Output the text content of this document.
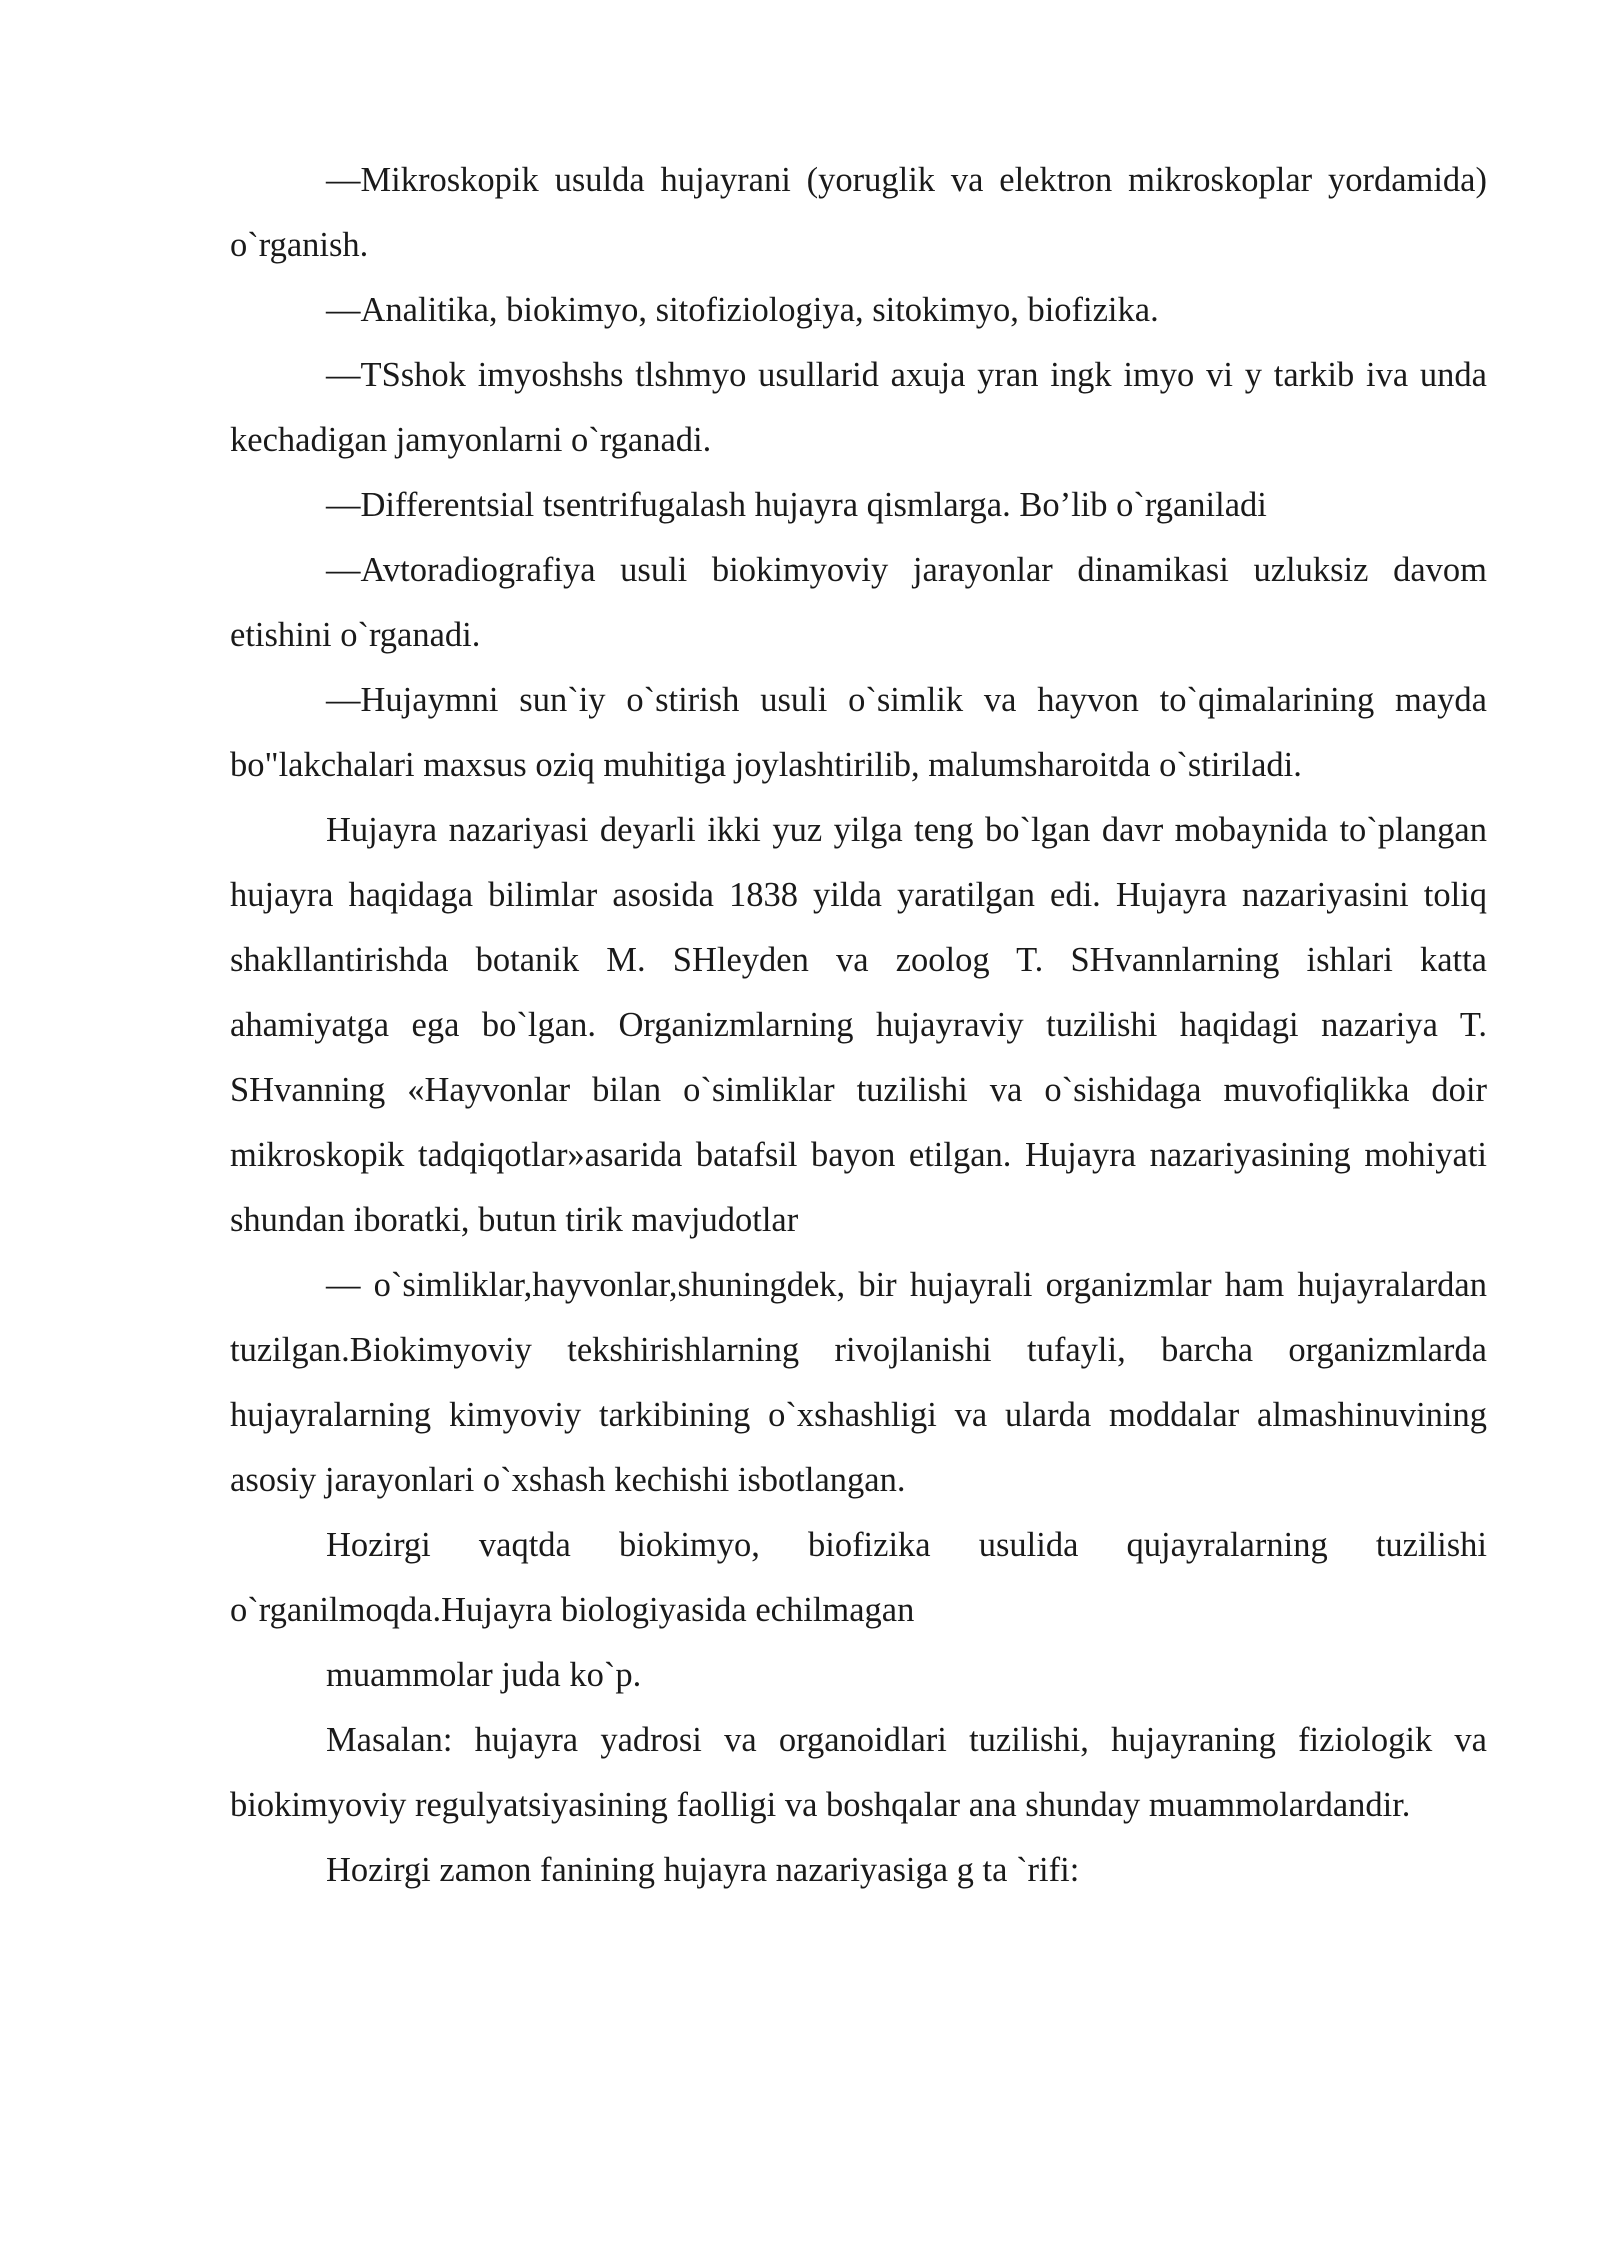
—Mikroskopik usulda hujayrani (yoruglik va elektron mikroskoplar yordamida) o`rganish.

—Analitika, biokimyo, sitofiziologiya, sitokimyo, biofizika.

—TSshok imyoshshs tlshmyo usullarid axuja yran ingk imyo vi y tarkib iva unda kechadigan jamyonlarni o`rganadi.

—Differentsial tsentrifugalash hujayra qismlarga. Bo’lib o`rganiladi

—Avtoradiografiya usuli biokimyoviy jarayonlar dinamikasi uzluksiz davom etishini o`rganadi.

—Hujaymni sun`iy o`stirish usuli o`simlik va hayvon to`qimalarining mayda bo"lakchalari maxsus oziq muhitiga joylashtirilib, malumsharoitda o`stiriladi.

Hujayra nazariyasi deyarli ikki yuz yilga teng bo`lgan davr mobaynida to`plangan hujayra haqidaga bilimlar asosida 1838 yilda yaratilgan edi. Hujayra nazariyasini toliq shakllantirishda botanik M. SHleyden va zoolog T. SHvannlarning ishlari katta ahamiyatga ega bo`lgan. Organizmlarning hujayraviy tuzilishi haqidagi nazariya T. SHvanning «Hayvonlar bilan o`simliklar tuzilishi va o`sishidaga muvofiqlikka doir mikroskopik tadqiqotlar»asarida batafsil bayon etilgan. Hujayra nazariyasining mohiyati shundan iboratki, butun tirik mavjudotlar

— o`simliklar,hayvonlar,shuningdek, bir hujayrali organizmlar ham hujayralardan tuzilgan.Biokimyoviy tekshirishlarning rivojlanishi tufayli, barcha organizmlarda hujayralarning kimyoviy tarkibining o`xshashligi va ularda moddalar almashinuvining asosiy jarayonlari o`xshash kechishi isbotlangan.

Hozirgi vaqtda biokimyo, biofizika usulida qujayralarning tuzilishi o`rganilmoqda.Hujayra biologiyasida echilmagan

muammolar juda ko`p.

Masalan: hujayra yadrosi va organoidlari tuzilishi, hujayraning fiziologik va biokimyoviy regulyatsiyasining faolligi va boshqalar ana shunday muammolardandir.

Hozirgi zamon fanining hujayra nazariyasiga g ta `rifi:
